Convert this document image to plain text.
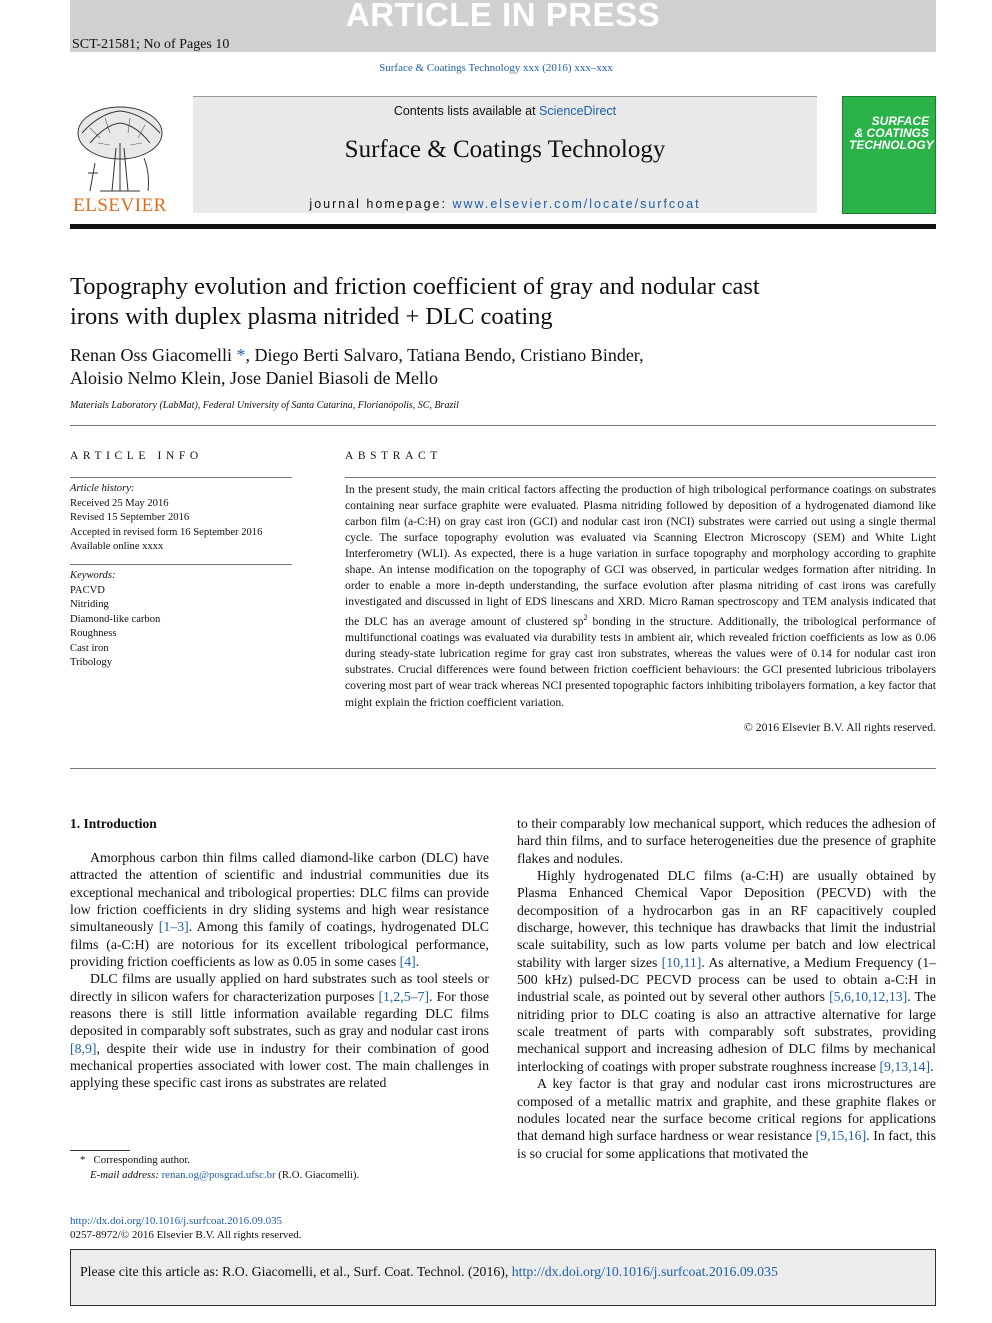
ARTICLE IN PRESS
SCT-21581; No of Pages 10
Surface & Coatings Technology xxx (2016) xxx–xxx
ELSEVIER
Contents lists available at ScienceDirect
Surface & Coatings Technology
journal homepage: www.elsevier.com/locate/surfcoat
SURFACE
& COATINGS
TECHNOLOGY
Topography evolution and friction coefficient of gray and nodular cast
irons with duplex plasma nitrided + DLC coating
Renan Oss Giacomelli *, Diego Berti Salvaro, Tatiana Bendo, Cristiano Binder,
Aloisio Nelmo Klein, Jose Daniel Biasoli de Mello
Materials Laboratory (LabMat), Federal University of Santa Catarina, Florianópolis, SC, Brazil
ARTICLE INFO	ABSTRACT
Article history:
Received 25 May 2016
Revised 15 September 2016
Accepted in revised form 16 September 2016
Available online xxxx
Keywords:
PACVD
Nitriding
Diamond-like carbon
Roughness
Cast iron
Tribology
In the present study, the main critical factors affecting the production of high tribological performance coatings on substrates containing near surface graphite were evaluated. Plasma nitriding followed by deposition of a hydrogenated diamond like carbon film (a-C:H) on gray cast iron (GCI) and nodular cast iron (NCI) substrates were carried out using a single thermal cycle. The surface topography evolution was evaluated via Scanning Electron Microscopy (SEM) and White Light Interferometry (WLI). As expected, there is a huge variation in surface topography and morphology according to graphite shape. An intense modification on the topography of GCI was observed, in particular wedges formation after nitriding. In order to enable a more in-depth understanding, the surface evolution after plasma nitriding of cast irons was carefully investigated and discussed in light of EDS linescans and XRD. Micro Raman spectroscopy and TEM analysis indicated that the DLC has an average amount of clustered $sp^2$ bonding in the structure. Additionally, the tribological performance of multifunctional coatings was evaluated via durability tests in ambient air, which revealed friction coefficients as low as 0.06 during steady-state lubrication regime for gray cast iron substrates, whereas the values were of 0.14 for nodular cast iron substrates. Crucial differences were found between friction coefficient behaviours: the GCI presented lubricious tribolayers covering most part of wear track whereas NCI presented topographic factors inhibiting tribolayers formation, a key factor that might explain the friction coefficient variation.
© 2016 Elsevier B.V. All rights reserved.
1. Introduction

Amorphous carbon thin films called diamond-like carbon (DLC) have attracted the attention of scientific and industrial communities due its exceptional mechanical and tribological properties: DLC films can provide low friction coefficients in dry sliding systems and high wear resistance simultaneously [1–3]. Among this family of coatings, hydrogenated DLC films (a-C:H) are notorious for its excellent tribological performance, providing friction coefficients as low as 0.05 in some cases [4].

DLC films are usually applied on hard substrates such as tool steels or directly in silicon wafers for characterization purposes [1,2,5–7]. For those reasons there is still little information available regarding DLC films deposited in comparably soft substrates, such as gray and nodular cast irons [8,9], despite their wide use in industry for their combination of good mechanical properties associated with lower cost. The main challenges in applying these specific cast irons as substrates are related

to their comparably low mechanical support, which reduces the adhesion of hard thin films, and to surface heterogeneities due the presence of graphite flakes and nodules.

Highly hydrogenated DLC films (a-C:H) are usually obtained by Plasma Enhanced Chemical Vapor Deposition (PECVD) with the decomposition of a hydrocarbon gas in an RF capacitively coupled discharge, however, this technique has drawbacks that limit the industrial scale suitability, such as low parts volume per batch and low electrical stability with larger sizes [10,11]. As alternative, a Medium Frequency (1–500 kHz) pulsed-DC PECVD process can be used to obtain a-C:H in industrial scale, as pointed out by several other authors [5,6,10,12,13]. The nitriding prior to DLC coating is also an attractive alternative for large scale treatment of parts with comparably soft substrates, providing mechanical support and increasing adhesion of DLC films by mechanical interlocking of coatings with proper substrate roughness increase [9,13,14].

A key factor is that gray and nodular cast irons microstructures are composed of a metallic matrix and graphite, and these graphite flakes or nodules located near the surface become critical regions for applications that demand high surface hardness or wear resistance [9,15,16]. In fact, this is so crucial for some applications that motivated the

* Corresponding author.
E-mail address: renan.og@posgrad.ufsc.br (R.O. Giacomelli).
http://dx.doi.org/10.1016/j.surfcoat.2016.09.035
0257-8972/© 2016 Elsevier B.V. All rights reserved.
Please cite this article as: R.O. Giacomelli, et al., Surf. Coat. Technol. (2016), http://dx.doi.org/10.1016/j.surfcoat.2016.09.035
